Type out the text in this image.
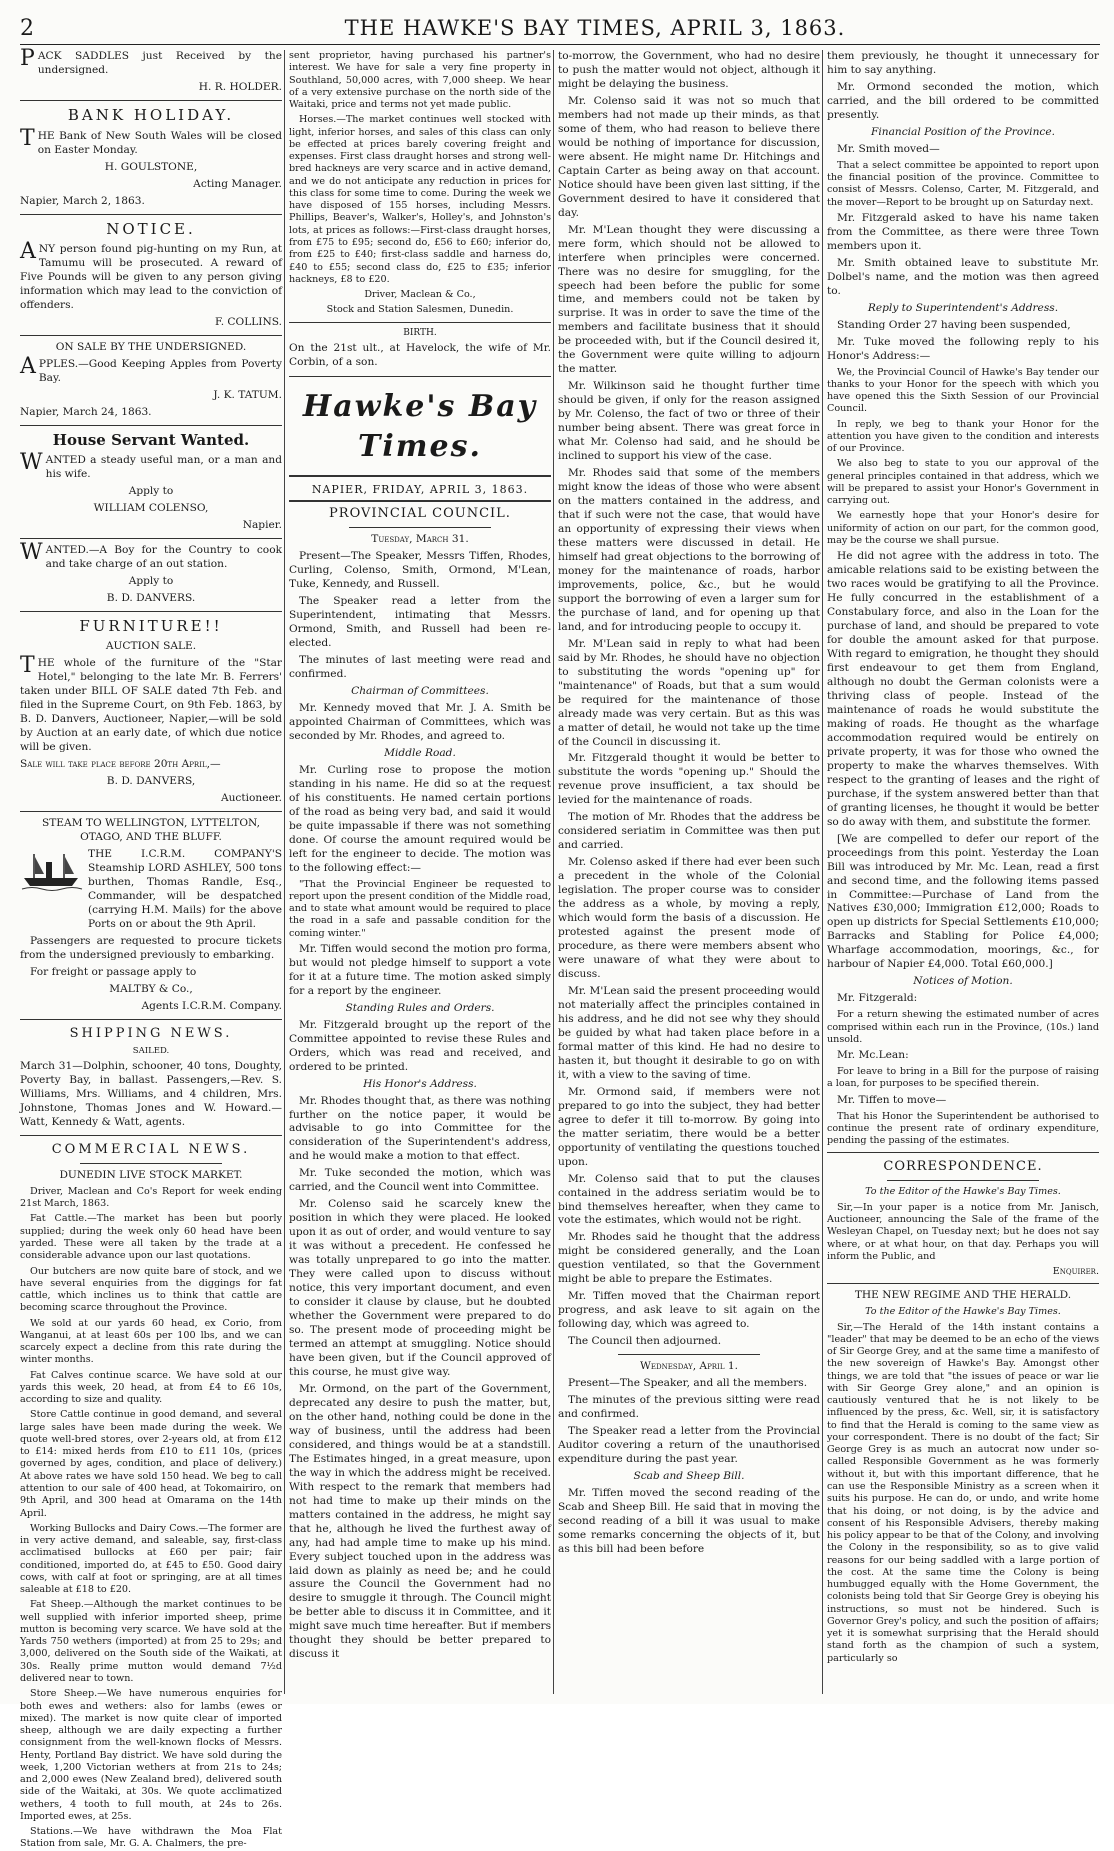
2	THE HAWKE'S BAY TIMES, APRIL 3, 1863.

PACK SADDLES just Received by the undersigned.

H. R. HOLDER.

BANK HOLIDAY.

THE Bank of New South Wales will be closed on Easter Monday.

H. GOULSTONE,

Acting Manager.

Napier, March 2, 1863.

NOTICE.

ANY person found pig-hunting on my Run, at Tamumu will be prosecuted. A reward of Five Pounds will be given to any person giving information which may lead to the conviction of offenders.

F. COLLINS.

ON SALE BY THE UNDERSIGNED.

APPLES.—Good Keeping Apples from Poverty Bay.

J. K. TATUM.

Napier, March 24, 1863.

House Servant Wanted.

WANTED a steady useful man, or a man and his wife.

Apply to

WILLIAM COLENSO,

Napier.

WANTED.—A Boy for the Country to cook and take charge of an out station.

Apply to

B. D. DANVERS.

FURNITURE!!

AUCTION SALE.

THE whole of the furniture of the "Star Hotel," belonging to the late Mr. B. Ferrers' taken under BILL OF SALE dated 7th Feb. and filed in the Supreme Court, on 9th Feb. 1863, by B. D. Danvers, Auctioneer, Napier,—will be sold by Auction at an early date, of which due notice will be given.

Sale will take place before 20th April,—

B. D. DANVERS,

Auctioneer.

STEAM TO WELLINGTON, LYTTELTON, OTAGO, AND THE BLUFF.

THE I.C.R.M. COMPANY'S Steamship LORD ASHLEY, 500 tons burthen, Thomas Randle, Esq., Commander, will be despatched (carrying H.M. Mails) for the above Ports on or about the 9th April.

Passengers are requested to procure tickets from the undersigned previously to embarking.

For freight or passage apply to

MALTBY & Co.,

Agents I.C.R.M. Company.

SHIPPING NEWS.

SAILED.

March 31—Dolphin, schooner, 40 tons, Doughty, Poverty Bay, in ballast. Passengers,—Rev. S. Williams, Mrs. Williams, and 4 children, Mrs. Johnstone, Thomas Jones and W. Howard.—Watt, Kennedy & Watt, agents.

COMMERCIAL NEWS.

DUNEDIN LIVE STOCK MARKET.

Driver, Maclean and Co's Report for week ending 21st March, 1863.

Fat Cattle.—The market has been but poorly supplied; during the week only 60 head have been yarded. These were all taken by the trade at a considerable advance upon our last quotations.

Our butchers are now quite bare of stock, and we have several enquiries from the diggings for fat cattle, which inclines us to think that cattle are becoming scarce throughout the Province.

We sold at our yards 60 head, ex Corio, from Wanganui, at at least 60s per 100 lbs, and we can scarcely expect a decline from this rate during the winter months.

Fat Calves continue scarce. We have sold at our yards this week, 20 head, at from £4 to £6 10s, according to size and quality.

Store Cattle continue in good demand, and several large sales have been made during the week. We quote well-bred stores, over 2-years old, at from £12 to £14: mixed herds from £10 to £11 10s, (prices governed by ages, condition, and place of delivery.) At above rates we have sold 150 head. We beg to call attention to our sale of 400 head, at Tokomairiro, on 9th April, and 300 head at Omarama on the 14th April.

Working Bullocks and Dairy Cows.—The former are in very active demand, and saleable, say, first-class acclimatised bullocks at £60 per pair; fair conditioned, imported do, at £45 to £50. Good dairy cows, with calf at foot or springing, are at all times saleable at £18 to £20.

Fat Sheep.—Although the market continues to be well supplied with inferior imported sheep, prime mutton is becoming very scarce. We have sold at the Yards 750 wethers (imported) at from 25 to 29s; and 3,000, delivered on the South side of the Waikati, at 30s. Really prime mutton would demand 7½d delivered near to town.

Store Sheep.—We have numerous enquiries for both ewes and wethers: also for lambs (ewes or mixed). The market is now quite clear of imported sheep, although we are daily expecting a further consignment from the well-known flocks of Messrs. Henty, Portland Bay district. We have sold during the week, 1,200 Victorian wethers at from 21s to 24s; and 2,000 ewes (New Zealand bred), delivered south side of the Waitaki, at 30s. We quote acclimatized wethers, 4 tooth to full mouth, at 24s to 26s. Imported ewes, at 25s.

Stations.—We have withdrawn the Moa Flat Station from sale, Mr. G. A. Chalmers, the pre-

sent proprietor, having purchased his partner's interest. We have for sale a very fine property in Southland, 50,000 acres, with 7,000 sheep. We hear of a very extensive purchase on the north side of the Waitaki, price and terms not yet made public.

Horses.—The market continues well stocked with light, inferior horses, and sales of this class can only be effected at prices barely covering freight and expenses. First class draught horses and strong well-bred hackneys are very scarce and in active demand, and we do not anticipate any reduction in prices for this class for some time to come. During the week we have disposed of 155 horses, including Messrs. Phillips, Beaver's, Walker's, Holley's, and Johnston's lots, at prices as follows:—First-class draught horses, from £75 to £95; second do, £56 to £60; inferior do, from £25 to £40; first-class saddle and harness do, £40 to £55; second class do, £25 to £35; inferior hackneys, £8 to £20.

Driver, Maclean & Co.,

Stock and Station Salesmen, Dunedin.

BIRTH.

On the 21st ult., at Havelock, the wife of Mr. Corbin, of a son.

Hawke's Bay Times.
NAPIER, FRIDAY, APRIL 3, 1863.
PROVINCIAL COUNCIL.

Tuesday, March 31.

Present—The Speaker, Messrs Tiffen, Rhodes, Curling, Colenso, Smith, Ormond, M'Lean, Tuke, Kennedy, and Russell.

The Speaker read a letter from the Superintendent, intimating that Messrs. Ormond, Smith, and Russell had been re-elected.

The minutes of last meeting were read and confirmed.

Chairman of Committees.

Mr. Kennedy moved that Mr. J. A. Smith be appointed Chairman of Committees, which was seconded by Mr. Rhodes, and agreed to.

Middle Road.

Mr. Curling rose to propose the motion standing in his name. He did so at the request of his constituents. He named certain portions of the road as being very bad, and said it would be quite impassable if there was not something done. Of course the amount required would be left for the engineer to decide. The motion was to the following effect:—

"That the Provincial Engineer be requested to report upon the present condition of the Middle road, and to state what amount would be required to place the road in a safe and passable condition for the coming winter."

Mr. Tiffen would second the motion pro forma, but would not pledge himself to support a vote for it at a future time. The motion asked simply for a report by the engineer.

Standing Rules and Orders.

Mr. Fitzgerald brought up the report of the Committee appointed to revise these Rules and Orders, which was read and received, and ordered to be printed.

His Honor's Address.

Mr. Rhodes thought that, as there was nothing further on the notice paper, it would be advisable to go into Committee for the consideration of the Superintendent's address, and he would make a motion to that effect.

Mr. Tuke seconded the motion, which was carried, and the Council went into Committee.

Mr. Colenso said he scarcely knew the position in which they were placed. He looked upon it as out of order, and would venture to say it was without a precedent. He confessed he was totally unprepared to go into the matter. They were called upon to discuss without notice, this very important document, and even to consider it clause by clause, but he doubted whether the Government were prepared to do so. The present mode of proceeding might be termed an attempt at smuggling. Notice should have been given, but if the Council approved of this course, he must give way.

Mr. Ormond, on the part of the Government, deprecated any desire to push the matter, but, on the other hand, nothing could be done in the way of business, until the address had been considered, and things would be at a standstill. The Estimates hinged, in a great measure, upon the way in which the address might be received. With respect to the remark that members had not had time to make up their minds on the matters contained in the address, he might say that he, although he lived the furthest away of any, had had ample time to make up his mind. Every subject touched upon in the address was laid down as plainly as need be; and he could assure the Council the Government had no desire to smuggle it through. The Council might be better able to discuss it in Committee, and it might save much time hereafter. But if members thought they should be better prepared to discuss it

to-morrow, the Government, who had no desire to push the matter would not object, although it might be delaying the business.

Mr. Colenso said it was not so much that members had not made up their minds, as that some of them, who had reason to believe there would be nothing of importance for discussion, were absent. He might name Dr. Hitchings and Captain Carter as being away on that account. Notice should have been given last sitting, if the Government desired to have it considered that day.

Mr. M'Lean thought they were discussing a mere form, which should not be allowed to interfere when principles were concerned. There was no desire for smuggling, for the speech had been before the public for some time, and members could not be taken by surprise. It was in order to save the time of the members and facilitate business that it should be proceeded with, but if the Council desired it, the Government were quite willing to adjourn the matter.

Mr. Wilkinson said he thought further time should be given, if only for the reason assigned by Mr. Colenso, the fact of two or three of their number being absent. There was great force in what Mr. Colenso had said, and he should be inclined to support his view of the case.

Mr. Rhodes said that some of the members might know the ideas of those who were absent on the matters contained in the address, and that if such were not the case, that would have an opportunity of expressing their views when these matters were discussed in detail. He himself had great objections to the borrowing of money for the maintenance of roads, harbor improvements, police, &c., but he would support the borrowing of even a larger sum for the purchase of land, and for opening up that land, and for introducing people to occupy it.

Mr. M'Lean said in reply to what had been said by Mr. Rhodes, he should have no objection to substituting the words "opening up" for "maintenance" of Roads, but that a sum would be required for the maintenance of those already made was very certain. But as this was a matter of detail, he would not take up the time of the Council in discussing it.

Mr. Fitzgerald thought it would be better to substitute the words "opening up." Should the revenue prove insufficient, a tax should be levied for the maintenance of roads.

The motion of Mr. Rhodes that the address be considered seriatim in Committee was then put and carried.

Mr. Colenso asked if there had ever been such a precedent in the whole of the Colonial legislation. The proper course was to consider the address as a whole, by moving a reply, which would form the basis of a discussion. He protested against the present mode of procedure, as there were members absent who were unaware of what they were about to discuss.

Mr. M'Lean said the present proceeding would not materially affect the principles contained in his address, and he did not see why they should be guided by what had taken place before in a formal matter of this kind. He had no desire to hasten it, but thought it desirable to go on with it, with a view to the saving of time.

Mr. Ormond said, if members were not prepared to go into the subject, they had better agree to defer it till to-morrow. By going into the matter seriatim, there would be a better opportunity of ventilating the questions touched upon.

Mr. Colenso said that to put the clauses contained in the address seriatim would be to bind themselves hereafter, when they came to vote the estimates, which would not be right.

Mr. Rhodes said he thought that the address might be considered generally, and the Loan question ventilated, so that the Government might be able to prepare the Estimates.

Mr. Tiffen moved that the Chairman report progress, and ask leave to sit again on the following day, which was agreed to.

The Council then adjourned.

Wednesday, April 1.

Present—The Speaker, and all the members.

The minutes of the previous sitting were read and confirmed.

The Speaker read a letter from the Provincial Auditor covering a return of the unauthorised expenditure during the past year.

Scab and Sheep Bill.

Mr. Tiffen moved the second reading of the Scab and Sheep Bill. He said that in moving the second reading of a bill it was usual to make some remarks concerning the objects of it, but as this bill had been before

them previously, he thought it unnecessary for him to say anything.

Mr. Ormond seconded the motion, which carried, and the bill ordered to be committed presently.

Financial Position of the Province.

Mr. Smith moved—

That a select committee be appointed to report upon the financial position of the province. Committee to consist of Messrs. Colenso, Carter, M. Fitzgerald, and the mover—Report to be brought up on Saturday next.

Mr. Fitzgerald asked to have his name taken from the Committee, as there were three Town members upon it.

Mr. Smith obtained leave to substitute Mr. Dolbel's name, and the motion was then agreed to.

Reply to Superintendent's Address.

Standing Order 27 having been suspended,

Mr. Tuke moved the following reply to his Honor's Address:—

We, the Provincial Council of Hawke's Bay tender our thanks to your Honor for the speech with which you have opened this the Sixth Session of our Provincial Council.

In reply, we beg to thank your Honor for the attention you have given to the condition and interests of our Province.

We also beg to state to you our approval of the general principles contained in that address, which we will be prepared to assist your Honor's Government in carrying out.

We earnestly hope that your Honor's desire for uniformity of action on our part, for the common good, may be the course we shall pursue.

He did not agree with the address in toto. The amicable relations said to be existing between the two races would be gratifying to all the Province. He fully concurred in the establishment of a Constabulary force, and also in the Loan for the purchase of land, and should be prepared to vote for double the amount asked for that purpose. With regard to emigration, he thought they should first endeavour to get them from England, although no doubt the German colonists were a thriving class of people. Instead of the maintenance of roads he would substitute the making of roads. He thought as the wharfage accommodation required would be entirely on private property, it was for those who owned the property to make the wharves themselves. With respect to the granting of leases and the right of purchase, if the system answered better than that of granting licenses, he thought it would be better so do away with them, and substitute the former.

[We are compelled to defer our report of the proceedings from this point. Yesterday the Loan Bill was introduced by Mr. Mc. Lean, read a first and second time, and the following items passed in Committee:—Purchase of Land from the Natives £30,000; Immigration £12,000; Roads to open up districts for Special Settlements £10,000; Barracks and Stabling for Police £4,000; Wharfage accommodation, moorings, &c., for harbour of Napier £4,000. Total £60,000.]

Notices of Motion.

Mr. Fitzgerald:

For a return shewing the estimated number of acres comprised within each run in the Province, (10s.) land unsold.

Mr. Mc.Lean:

For leave to bring in a Bill for the purpose of raising a loan, for purposes to be specified therein.

Mr. Tiffen to move—

That his Honor the Superintendent be authorised to continue the present rate of ordinary expenditure, pending the passing of the estimates.

CORRESPONDENCE.

To the Editor of the Hawke's Bay Times.

Sir,—In your paper is a notice from Mr. Janisch, Auctioneer, announcing the Sale of the frame of the Wesleyan Chapel, on Tuesday next; but he does not say where, or at what hour, on that day. Perhaps you will inform the Public, and

Enquirer.

THE NEW REGIME AND THE HERALD.

To the Editor of the Hawke's Bay Times.

Sir,—The Herald of the 14th instant contains a "leader" that may be deemed to be an echo of the views of Sir George Grey, and at the same time a manifesto of the new sovereign of Hawke's Bay. Amongst other things, we are told that "the issues of peace or war lie with Sir George Grey alone," and an opinion is cautiously ventured that he is not likely to be influenced by the press, &c. Well, sir, it is satisfactory to find that the Herald is coming to the same view as your correspondent. There is no doubt of the fact; Sir George Grey is as much an autocrat now under so-called Responsible Government as he was formerly without it, but with this important difference, that he can use the Responsible Ministry as a screen when it suits his purpose. He can do, or undo, and write home that his doing, or not doing, is by the advice and consent of his Responsible Advisers, thereby making his policy appear to be that of the Colony, and involving the Colony in the responsibility, so as to give valid reasons for our being saddled with a large portion of the cost. At the same time the Colony is being humbugged equally with the Home Government, the colonists being told that Sir George Grey is obeying his instructions, so must not be hindered. Such is Governor Grey's policy, and such the position of affairs; yet it is somewhat surprising that the Herald should stand forth as the champion of such a system, particularly so
